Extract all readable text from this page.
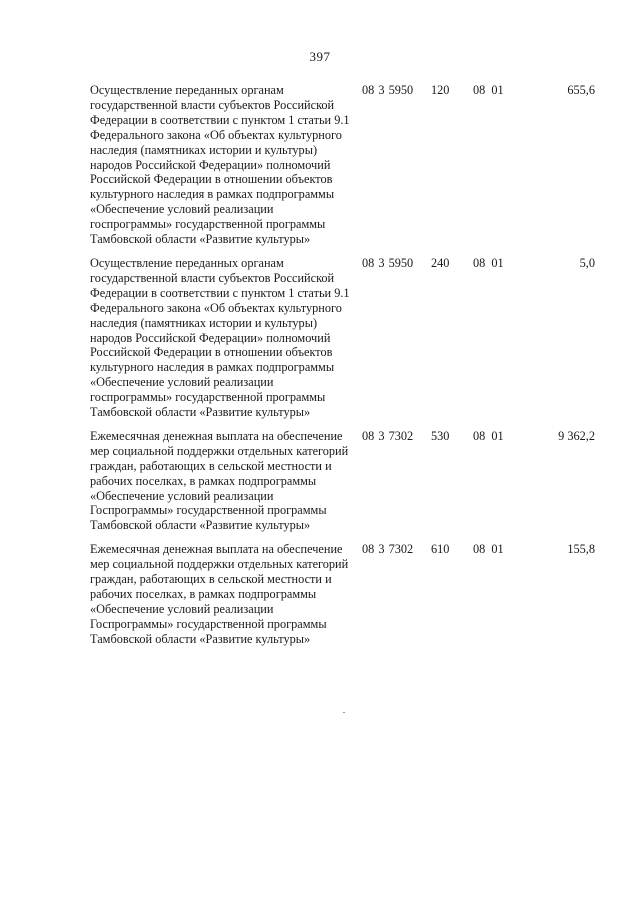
397
Осуществление переданных органам государственной власти субъектов Российской Федерации в соответствии с пунктом 1 статьи 9.1 Федерального закона «Об объектах культурного наследия (памятниках истории и культуры) народов Российской Федерации» полномочий Российской Федерации в отношении объектов культурного наследия в рамках подпрограммы «Обеспечение условий реализации госпрограммы» государственной программы Тамбовской области «Развитие культуры»
08 3 5950	120	08 01	655,6
Осуществление переданных органам государственной власти субъектов Российской Федерации в соответствии с пунктом 1 статьи 9.1 Федерального закона «Об объектах культурного наследия (памятниках истории и культуры) народов Российской Федерации» полномочий Российской Федерации в отношении объектов культурного наследия в рамках подпрограммы «Обеспечение условий реализации госпрограммы» государственной программы Тамбовской области «Развитие культуры»
08 3 5950	240	08 01	5,0
Ежемесячная денежная выплата на обеспечение мер социальной поддержки отдельных категорий граждан, работающих в сельской местности и рабочих поселках, в рамках подпрограммы «Обеспечение условий реализации Госпрограммы» государственной программы Тамбовской области «Развитие культуры»
08 3 7302	530	08 01	9 362,2
Ежемесячная денежная выплата на обеспечение мер социальной поддержки отдельных категорий граждан, работающих в сельской местности и рабочих поселках, в рамках подпрограммы «Обеспечение условий реализации Госпрограммы» государственной программы Тамбовской области «Развитие культуры»
08 3 7302	610	08 01	155,8
